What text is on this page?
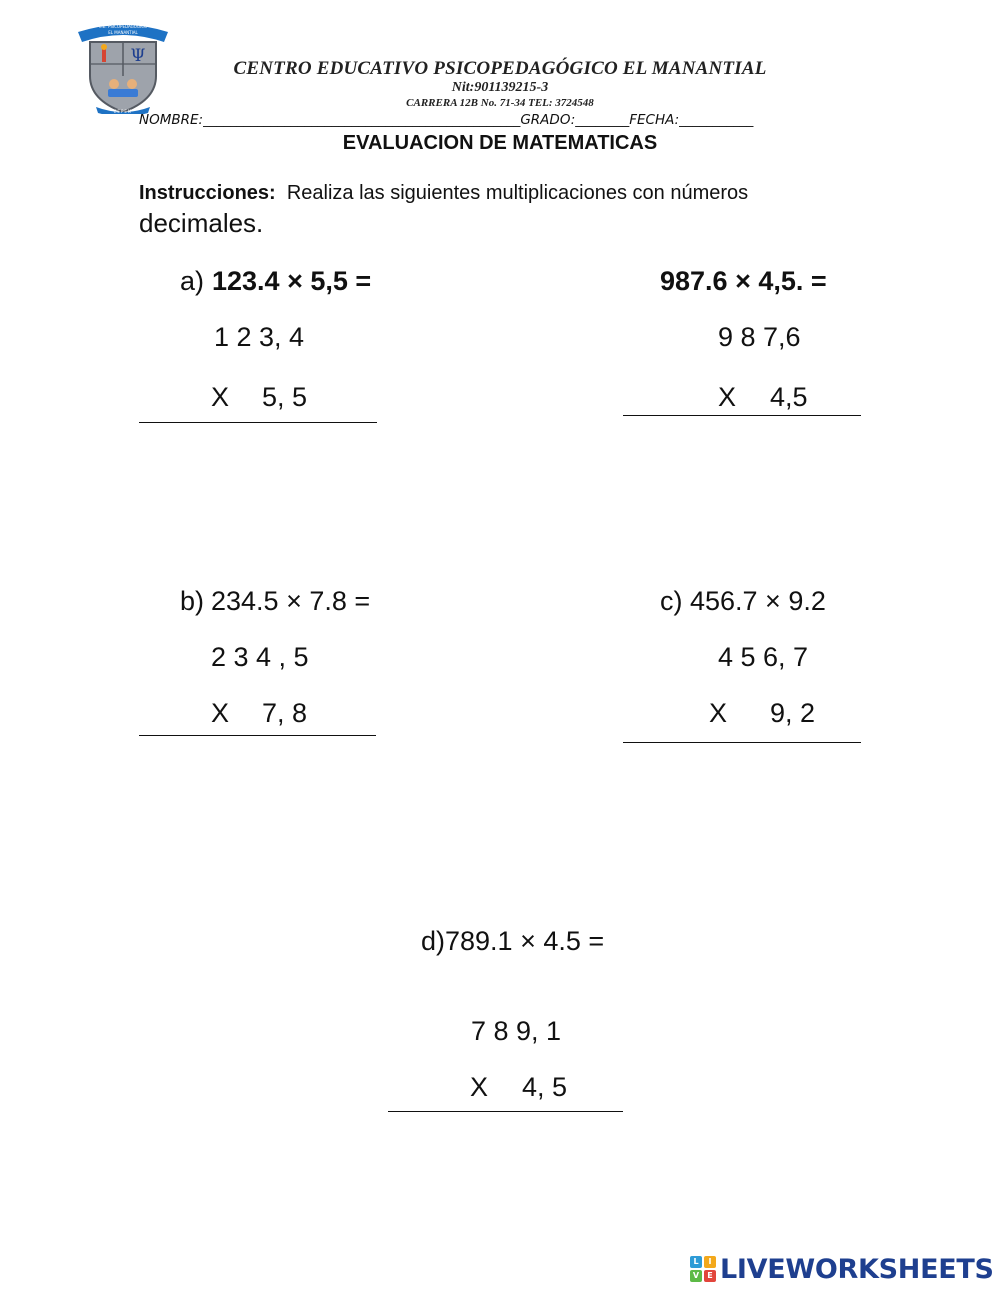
Ψ
C.E. PSICOPEDAGÓGICO
EL MANANTIAL
CEPEM
CENTRO EDUCATIVO PSICOPEDAGÓGICO EL MANANTIAL
Nit:901139215-3
CARRERA 12B No. 71-34 TEL: 3724548
NOMBRE:_______________________________________________GRADO:________FECHA:___________
EVALUACION DE MATEMATICAS
Instrucciones: Realiza las siguientes multiplicaciones con números
decimales.
a) 123.4 × 5,5 =
1 2 3, 4
X 5, 5
987.6 × 4,5. =
9 8 7,6
X 4,5
b) 234.5 × 7.8 =
2 3 4 , 5
X 7, 8
c) 456.7 × 9.2
4 5 6, 7
X 9, 2
d)789.1 × 4.5 =
7 8 9, 1
X 4, 5
L	I
V	E LIVEWORKSHEETS
